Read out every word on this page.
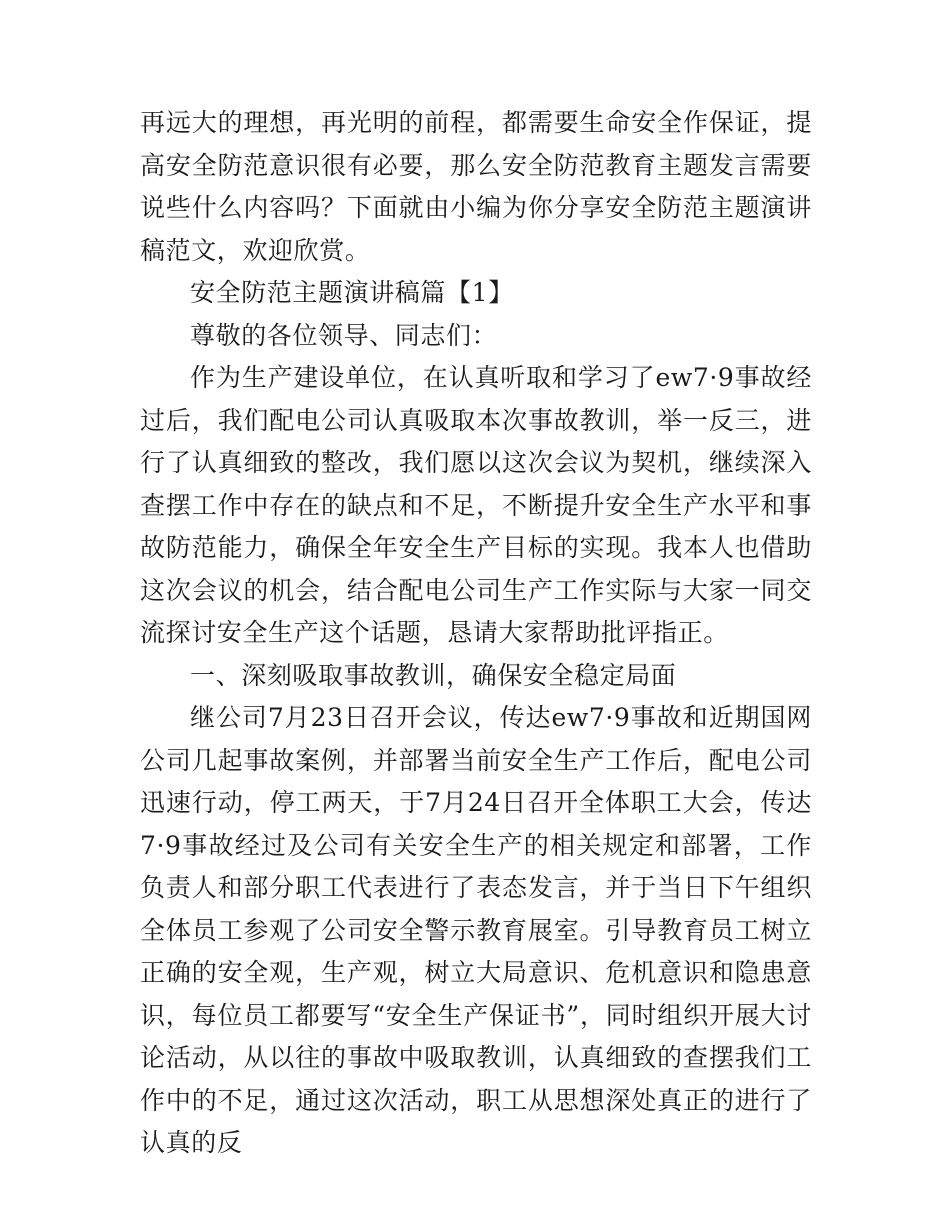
再远大的理想，再光明的前程，都需要生命安全作保证，提高安全防范意识很有必要，那么安全防范教育主题发言需要说些什么内容吗？下面就由小编为你分享安全防范主题演讲稿范文，欢迎欣赏。

安全防范主题演讲稿篇【1】

尊敬的各位领导、同志们：

作为生产建设单位，在认真听取和学习了ew7·9事故经过后，我们配电公司认真吸取本次事故教训，举一反三，进行了认真细致的整改，我们愿以这次会议为契机，继续深入查摆工作中存在的缺点和不足，不断提升安全生产水平和事故防范能力，确保全年安全生产目标的实现。我本人也借助这次会议的机会，结合配电公司生产工作实际与大家一同交流探讨安全生产这个话题，恳请大家帮助批评指正。

一、深刻吸取事故教训，确保安全稳定局面

继公司7月23日召开会议，传达ew7·9事故和近期国网公司几起事故案例，并部署当前安全生产工作后，配电公司迅速行动，停工两天，于7月24日召开全体职工大会，传达7·9事故经过及公司有关安全生产的相关规定和部署，工作负责人和部分职工代表进行了表态发言，并于当日下午组织全体员工参观了公司安全警示教育展室。引导教育员工树立正确的安全观，生产观，树立大局意识、危机意识和隐患意识，每位员工都要写“安全生产保证书”，同时组织开展大讨论活动，从以往的事故中吸取教训，认真细致的查摆我们工作中的不足，通过这次活动，职工从思想深处真正的进行了认真的反
